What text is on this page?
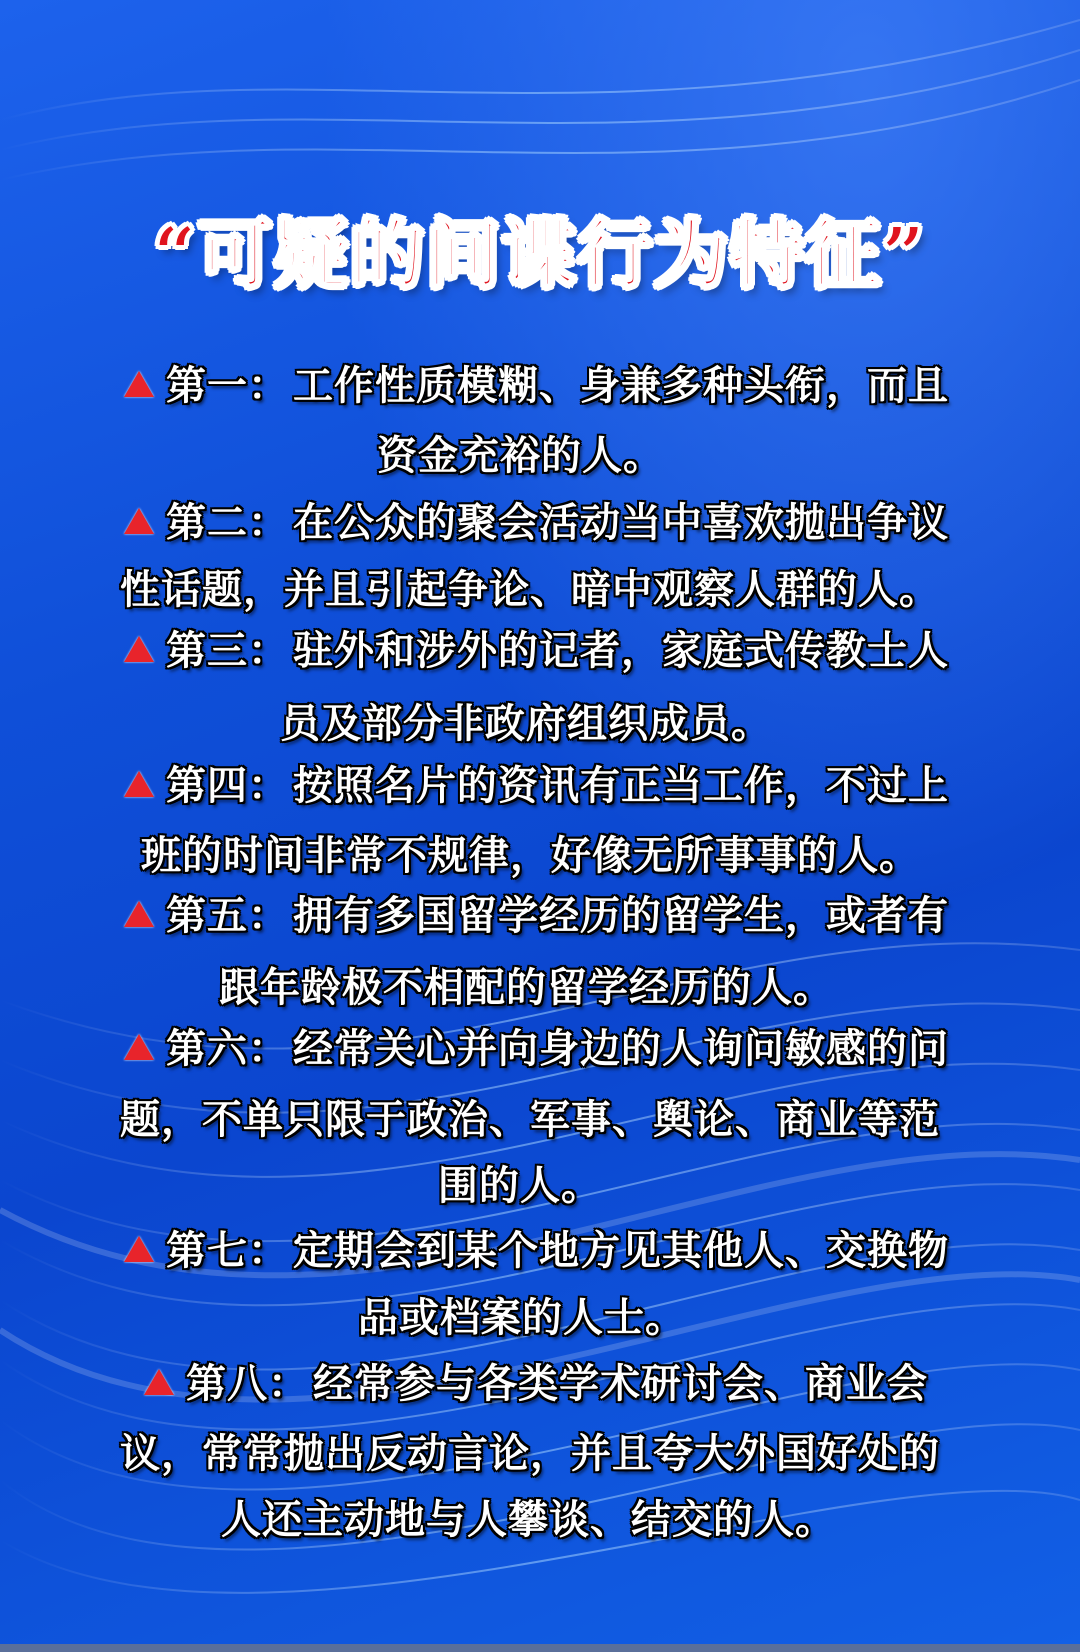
“可疑的间谍行为特征”
第一： 工作性质模糊、身兼多种头衔，而且
资金充裕的人。
第二： 在公众的聚会活动当中喜欢抛出争议
性话题，并且引起争论、暗中观察人群的人。
第三： 驻外和涉外的记者，家庭式传教士人
员及部分非政府组织成员。
第四： 按照名片的资讯有正当工作，不过上
班的时间非常不规律，好像无所事事的人。
第五： 拥有多国留学经历的留学生，或者有
跟年龄极不相配的留学经历的人。
第六： 经常关心并向身边的人询问敏感的问
题，不单只限于政治、军事、舆论、商业等范
围的人。
第七： 定期会到某个地方见其他人、交换物
品或档案的人士。
第八： 经常参与各类学术研讨会、商业会
议，常常抛出反动言论，并且夸大外国好处的
人还主动地与人攀谈、结交的人。
